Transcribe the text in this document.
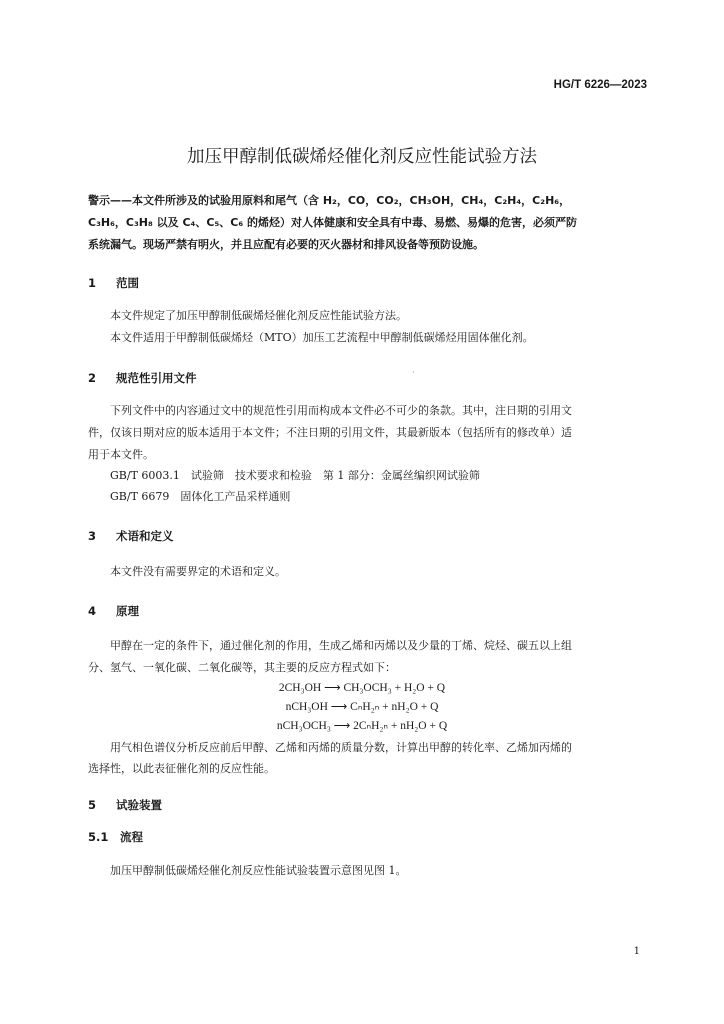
HG/T 6226—2023
加压甲醇制低碳烯烃催化剂反应性能试验方法
警示——本文件所涉及的试验用原料和尾气（含 H₂，CO，CO₂，CH₃OH，CH₄，C₂H₄，C₂H₆，
C₃H₆，C₃H₈ 以及 C₄、C₅、C₆ 的烯烃）对人体健康和安全具有中毒、易燃、易爆的危害，必须严防
系统漏气。现场严禁有明火，并且应配有必要的灭火器材和排风设备等预防设施。
1 范围
本文件规定了加压甲醇制低碳烯烃催化剂反应性能试验方法。
本文件适用于甲醇制低碳烯烃（MTO）加压工艺流程中甲醇制低碳烯烃用固体催化剂。
·
2 规范性引用文件
下列文件中的内容通过文中的规范性引用而构成本文件必不可少的条款。其中，注日期的引用文
件，仅该日期对应的版本适用于本文件；不注日期的引用文件，其最新版本（包括所有的修改单）适
用于本文件。
GB/T 6003.1　试验筛　技术要求和检验　第 1 部分：金属丝编织网试验筛
GB/T 6679　固体化工产品采样通则
3 术语和定义
本文件没有需要界定的术语和定义。
4 原理
甲醇在一定的条件下，通过催化剂的作用，生成乙烯和丙烯以及少量的丁烯、烷烃、碳五以上组
分、氢气、一氧化碳、二氧化碳等，其主要的反应方程式如下：
2CH₃OH ⟶ CH₃OCH₃ + H₂O + Q
nCH₃OH ⟶ CₙH₂ₙ + nH₂O + Q
nCH₃OCH₃ ⟶ 2CₙH₂ₙ + nH₂O + Q
用气相色谱仪分析反应前后甲醇、乙烯和丙烯的质量分数，计算出甲醇的转化率、乙烯加丙烯的
选择性，以此表征催化剂的反应性能。
5 试验装置
5.1 流程
加压甲醇制低碳烯烃催化剂反应性能试验装置示意图见图 1。
1
